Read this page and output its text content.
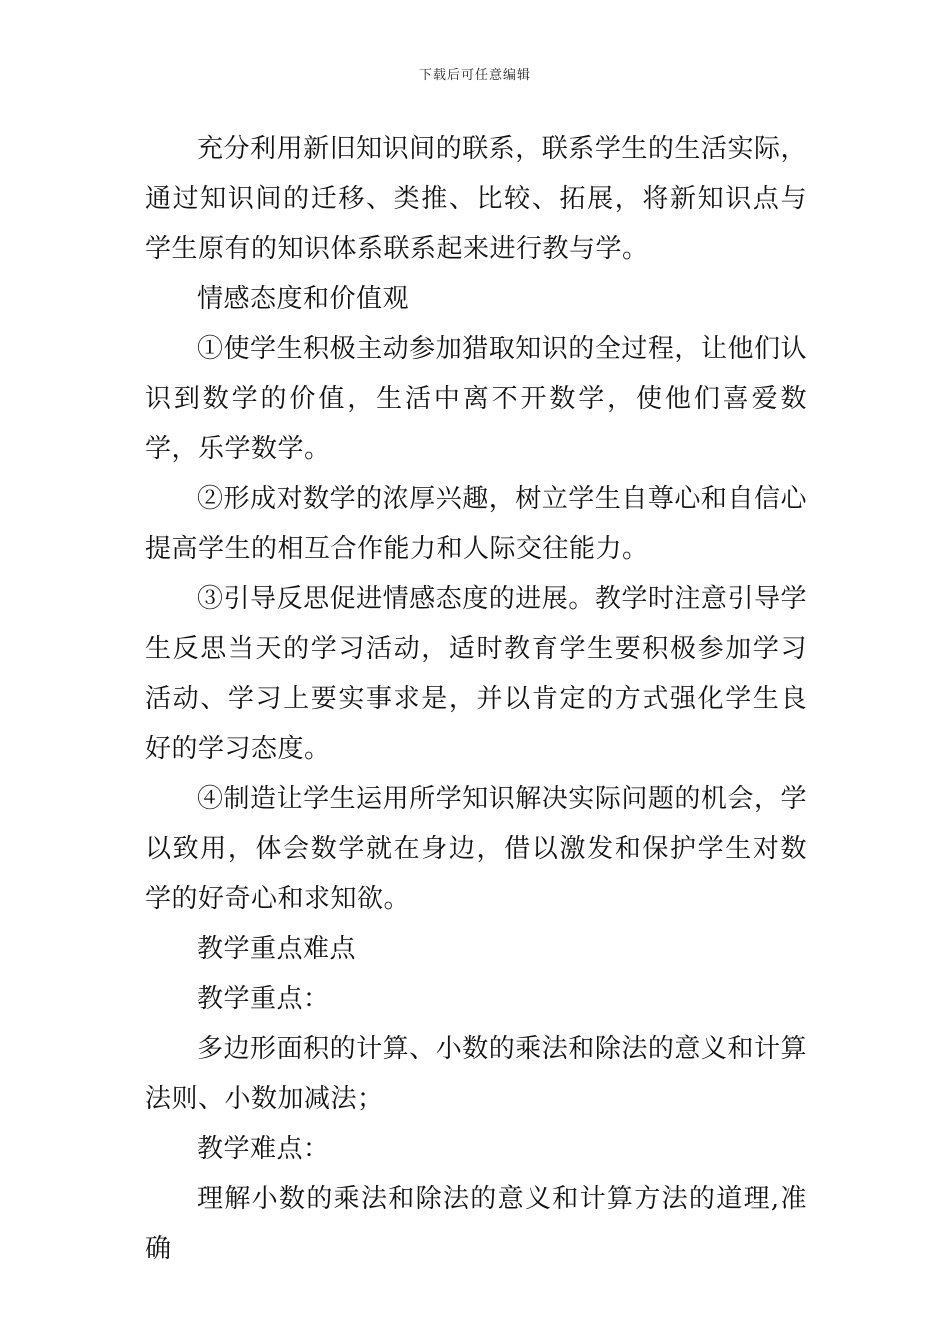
下载后可任意编辑

充分利用新旧知识间的联系，联系学生的生活实际，通过知识间的迁移、类推、比较、拓展，将新知识点与学生原有的知识体系联系起来进行教与学。

情感态度和价值观

①使学生积极主动参加猎取知识的全过程，让他们认识到数学的价值，生活中离不开数学，使他们喜爱数学，乐学数学。

②形成对数学的浓厚兴趣，树立学生自尊心和自信心提高学生的相互合作能力和人际交往能力。

③引导反思促进情感态度的进展。教学时注意引导学生反思当天的学习活动，适时教育学生要积极参加学习活动、学习上要实事求是，并以肯定的方式强化学生良好的学习态度。

④制造让学生运用所学知识解决实际问题的机会，学以致用，体会数学就在身边，借以激发和保护学生对数学的好奇心和求知欲。

教学重点难点

教学重点：

多边形面积的计算、小数的乘法和除法的意义和计算法则、小数加减法；

教学难点：

理解小数的乘法和除法的意义和计算方法的道理,准确
